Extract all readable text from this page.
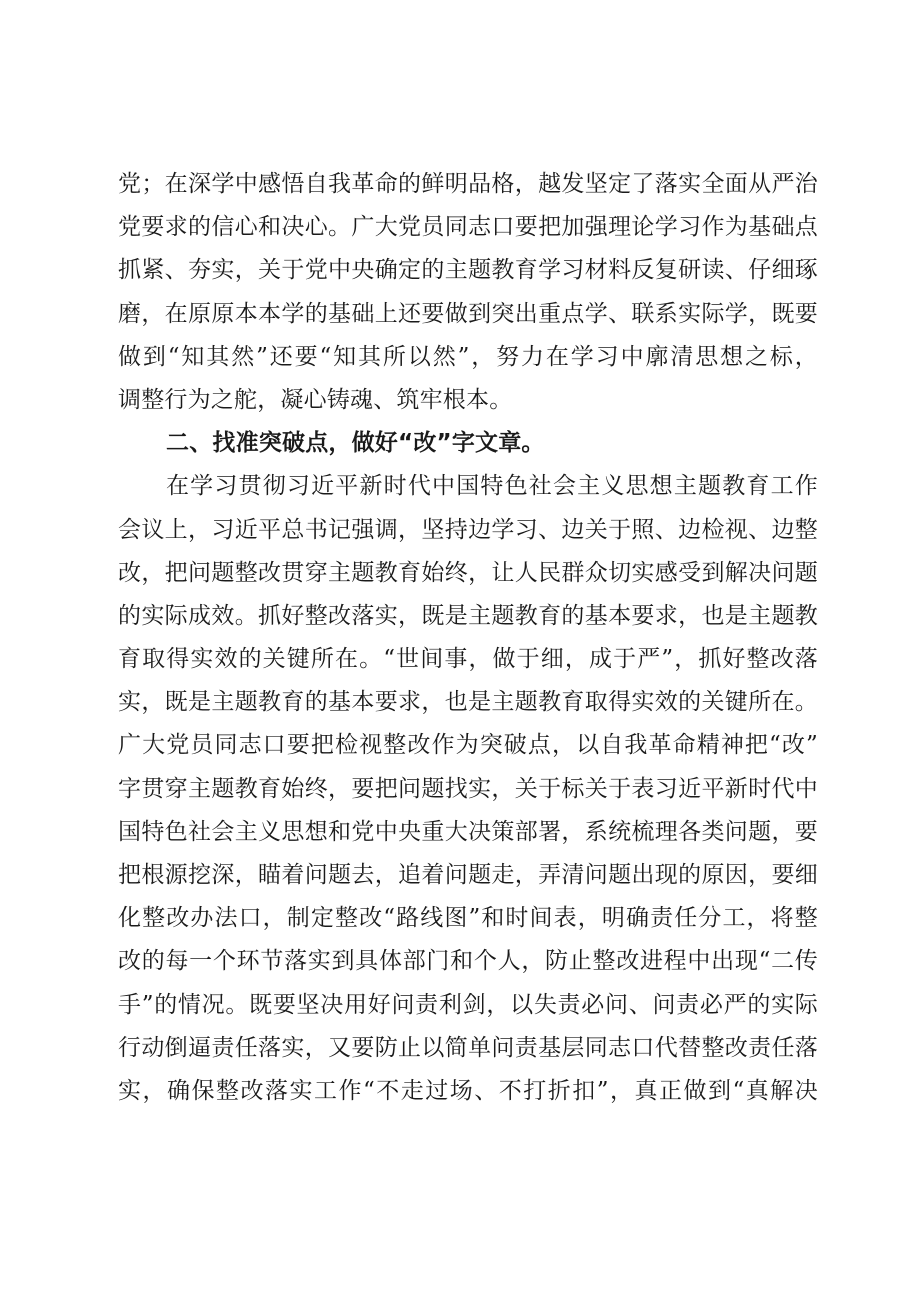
党；在深学中感悟自我革命的鲜明品格，越发坚定了落实全面从严治
党要求的信心和决心。广大党员同志口要把加强理论学习作为基础点
抓紧、夯实，关于党中央确定的主题教育学习材料反复研读、仔细琢
磨，在原原本本学的基础上还要做到突出重点学、联系实际学，既要
做到“知其然”还要“知其所以然”，努力在学习中廓清思想之标，
调整行为之舵，凝心铸魂、筑牢根本。
二、找准突破点，做好“改”字文章。
在学习贯彻习近平新时代中国特色社会主义思想主题教育工作
会议上，习近平总书记强调，坚持边学习、边关于照、边检视、边整
改，把问题整改贯穿主题教育始终，让人民群众切实感受到解决问题
的实际成效。抓好整改落实，既是主题教育的基本要求，也是主题教
育取得实效的关键所在。“世间事，做于细，成于严”，抓好整改落
实，既是主题教育的基本要求，也是主题教育取得实效的关键所在。
广大党员同志口要把检视整改作为突破点，以自我革命精神把“改”
字贯穿主题教育始终，要把问题找实，关于标关于表习近平新时代中
国特色社会主义思想和党中央重大决策部署，系统梳理各类问题，要
把根源挖深，瞄着问题去，追着问题走，弄清问题出现的原因，要细
化整改办法口，制定整改“路线图”和时间表，明确责任分工，将整
改的每一个环节落实到具体部门和个人，防止整改进程中出现“二传
手”的情况。既要坚决用好问责利剑，以失责必问、问责必严的实际
行动倒逼责任落实，又要防止以简单问责基层同志口代替整改责任落
实，确保整改落实工作“不走过场、不打折扣”，真正做到“真解决
